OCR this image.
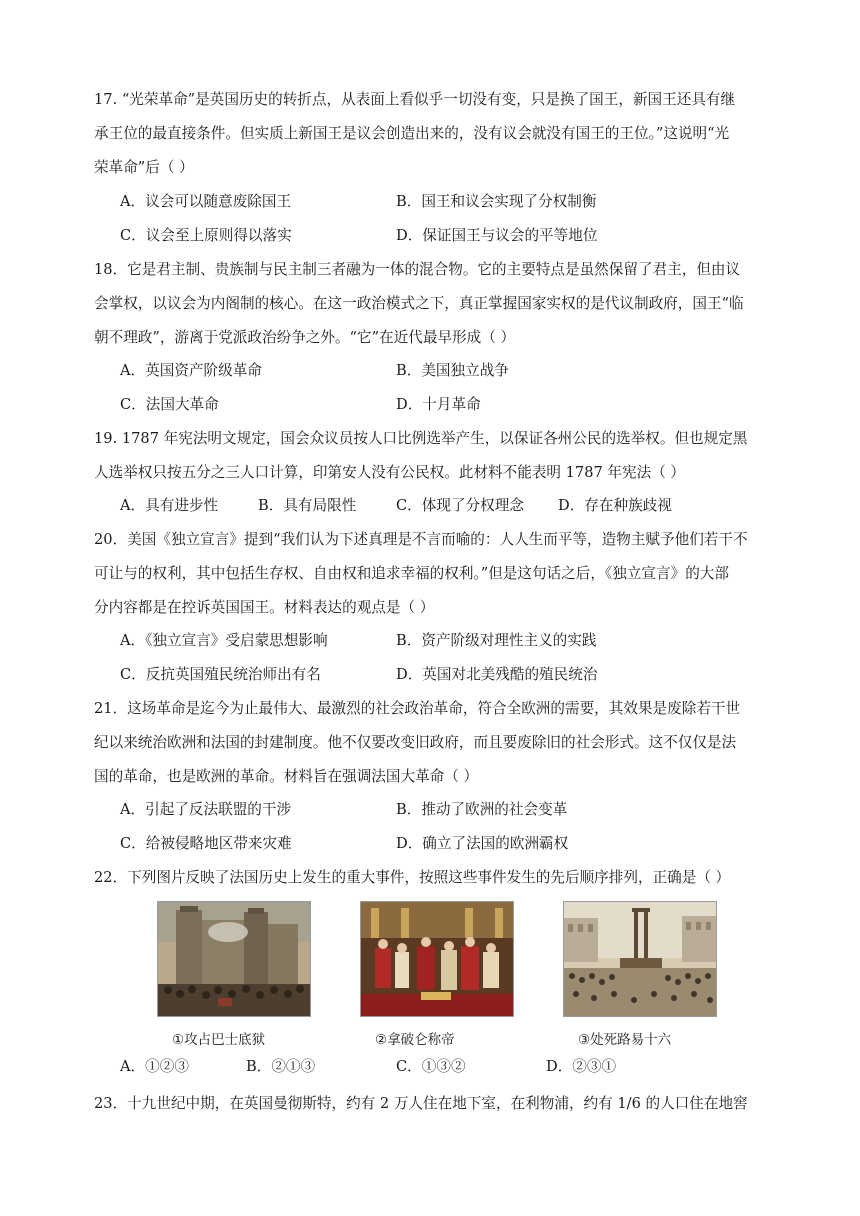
17. “光荣革命”是英国历史的转折点，从表面上看似乎一切没有变，只是换了国王，新国王还具有继
承王位的最直接条件。但实质上新国王是议会创造出来的，没有议会就没有国王的王位。”这说明“光
荣革命”后（ ）
A．议会可以随意废除国王	B．国王和议会实现了分权制衡
C．议会至上原则得以落实	D．保证国王与议会的平等地位
18．它是君主制、贵族制与民主制三者融为一体的混合物。它的主要特点是虽然保留了君主，但由议
会掌权，以议会为内阁制的核心。在这一政治模式之下，真正掌握国家实权的是代议制政府，国王“临
朝不理政”，游离于党派政治纷争之外。“它”在近代最早形成（ ）
A．英国资产阶级革命	B．美国独立战争
C．法国大革命	D．十月革命
19. 1787 年宪法明文规定，国会众议员按人口比例选举产生，以保证各州公民的选举权。但也规定黑
人选举权只按五分之三人口计算，印第安人没有公民权。此材料不能表明 1787 年宪法（ ）
A．具有进步性	B．具有局限性	C．体现了分权理念 D．存在种族歧视
20．美国《独立宣言》提到“我们认为下述真理是不言而喻的：人人生而平等，造物主赋予他们若干不
可让与的权利，其中包括生存权、自由权和追求幸福的权利。”但是这句话之后，《独立宣言》的大部
分内容都是在控诉英国国王。材料表达的观点是（ ）
A．《独立宣言》受启蒙思想影响	B．资产阶级对理性主义的实践
C．反抗英国殖民统治师出有名	D．英国对北美残酷的殖民统治
21．这场革命是迄今为止最伟大、最激烈的社会政治革命，符合全欧洲的需要，其效果是废除若干世
纪以来统治欧洲和法国的封建制度。他不仅要改变旧政府，而且要废除旧的社会形式。这不仅仅是法
国的革命，也是欧洲的革命。材料旨在强调法国大革命（ ）
A．引起了反法联盟的干涉	B．推动了欧洲的社会变革
C．给被侵略地区带来灾难	D．确立了法国的欧洲霸权
22．下列图片反映了法国历史上发生的重大事件，按照这些事件发生的先后顺序排列，正确是（ ）
①攻占巴士底狱	②拿破仑称帝	③处死路易十六
A．①②③	B．②①③	C．①③②	D．②③①
23．十九世纪中期，在英国曼彻斯特，约有 2 万人住在地下室，在利物浦，约有 1/6 的人口住在地窖
